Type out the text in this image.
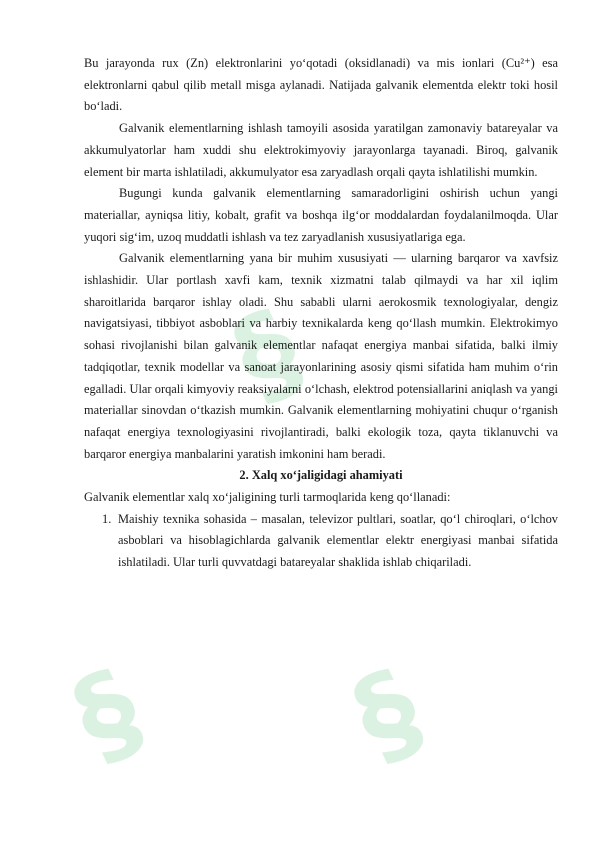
§ §
§

Bu jarayonda rux (Zn) elektronlarini yo‘qotadi (oksidlanadi) va mis ionlari (Cu²⁺) esa elektronlarni qabul qilib metall misga aylanadi. Natijada galvanik elementda elektr toki hosil bo‘ladi.

Galvanik elementlarning ishlash tamoyili asosida yaratilgan zamonaviy batareyalar va akkumulyatorlar ham xuddi shu elektrokimyoviy jarayonlarga tayanadi. Biroq, galvanik element bir marta ishlatiladi, akkumulyator esa zaryadlash orqali qayta ishlatilishi mumkin.

Bugungi kunda galvanik elementlarning samaradorligini oshirish uchun yangi materiallar, ayniqsa litiy, kobalt, grafit va boshqa ilg‘or moddalardan foydalanilmoqda. Ular yuqori sig‘im, uzoq muddatli ishlash va tez zaryadlanish xususiyatlariga ega.

Galvanik elementlarning yana bir muhim xususiyati — ularning barqaror va xavfsiz ishlashidir. Ular portlash xavfi kam, texnik xizmatni talab qilmaydi va har xil iqlim sharoitlarida barqaror ishlay oladi. Shu sababli ularni aerokosmik texnologiyalar, dengiz navigatsiyasi, tibbiyot asboblari va harbiy texnikalarda keng qo‘llash mumkin. Elektrokimyo sohasi rivojlanishi bilan galvanik elementlar nafaqat energiya manbai sifatida, balki ilmiy tadqiqotlar, texnik modellar va sanoat jarayonlarining asosiy qismi sifatida ham muhim o‘rin egalladi. Ular orqali kimyoviy reaksiyalarni o‘lchash, elektrod potensiallarini aniqlash va yangi materiallar sinovdan o‘tkazish mumkin. Galvanik elementlarning mohiyatini chuqur o‘rganish nafaqat energiya texnologiyasini rivojlantiradi, balki ekologik toza, qayta tiklanuvchi va barqaror energiya manbalarini yaratish imkonini ham beradi.

2. Xalq xo‘jaligidagi ahamiyati

Galvanik elementlar xalq xo‘jaligining turli tarmoqlarida keng qo‘llanadi:

1. Maishiy texnika sohasida – masalan, televizor pultlari, soatlar, qo‘l chiroqlari, o‘lchov asboblari va hisoblagichlarda galvanik elementlar elektr energiyasi manbai sifatida ishlatiladi. Ular turli quvvatdagi batareyalar shaklida ishlab chiqariladi.
